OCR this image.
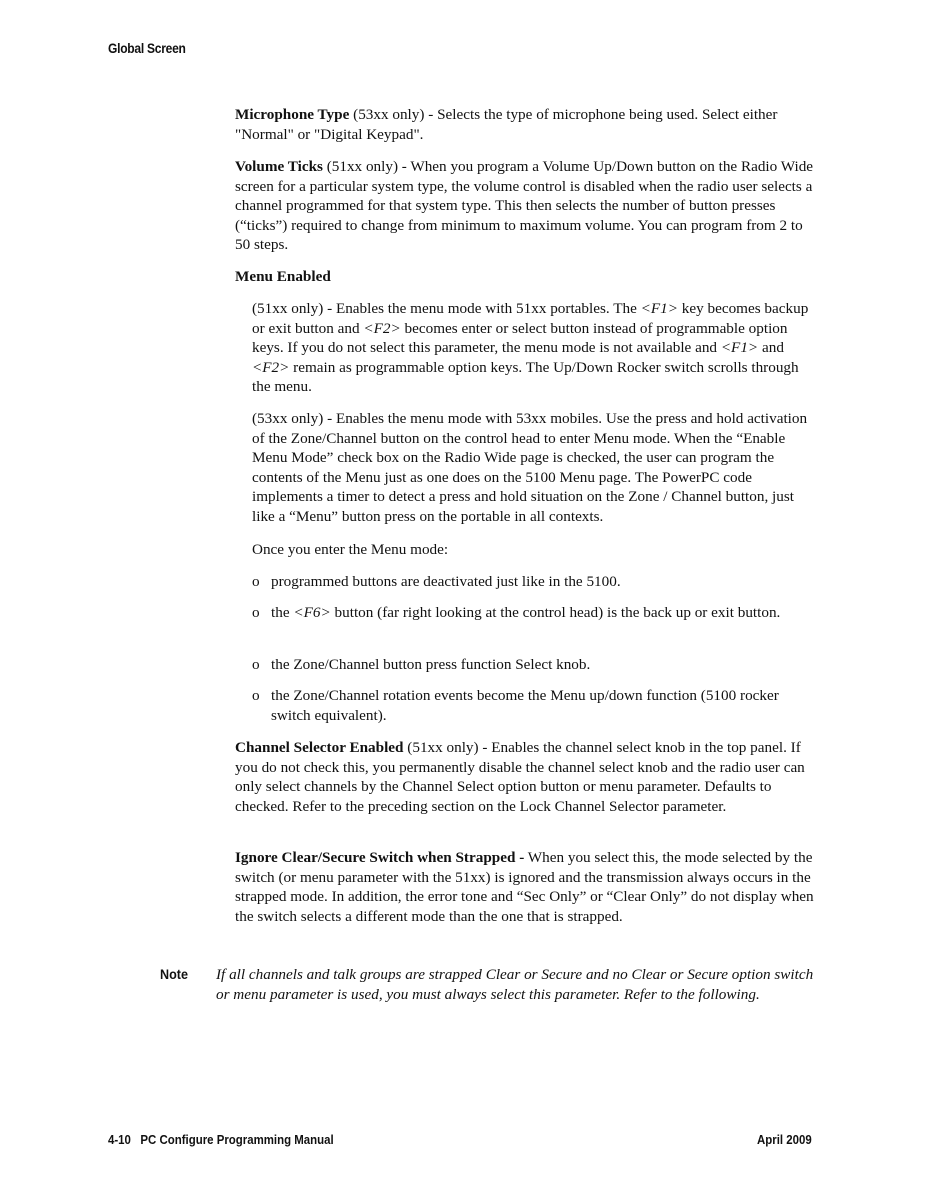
Global Screen

Microphone Type (53xx only) - Selects the type of microphone being used. Select either "Normal" or "Digital Keypad".

Volume Ticks (51xx only) - When you program a Volume Up/Down button on the Radio Wide screen for a particular system type, the volume control is disabled when the radio user selects a channel programmed for that system type. This then selects the number of button presses (“ticks”) required to change from minimum to maximum volume. You can program from 2 to 50 steps.

Menu Enabled

(51xx only) - Enables the menu mode with 51xx portables. The <F1> key becomes backup or exit button and <F2> becomes enter or select button instead of programmable option keys. If you do not select this parameter, the menu mode is not available and <F1> and <F2> remain as programmable option keys. The Up/Down Rocker switch scrolls through the menu.

(53xx only) - Enables the menu mode with 53xx mobiles. Use the press and hold activation of the Zone/Channel button on the control head to enter Menu mode. When the “Enable Menu Mode” check box on the Radio Wide page is checked, the user can program the contents of the Menu just as one does on the 5100 Menu page. The PowerPC code implements a timer to detect a press and hold situation on the Zone / Channel button, just like a “Menu” button press on the portable in all contexts.

Once you enter the Menu mode:

o programmed buttons are deactivated just like in the 5100.
o the <F6> button (far right looking at the control head) is the back up or exit button.
o the Zone/Channel button press function Select knob.
o the Zone/Channel rotation events become the Menu up/down function (5100 rocker switch equivalent).

Channel Selector Enabled (51xx only) - Enables the channel select knob in the top panel. If you do not check this, you permanently disable the channel select knob and the radio user can only select channels by the Channel Select option button or menu parameter. Defaults to checked. Refer to the preceding section on the Lock Channel Selector parameter.

Ignore Clear/Secure Switch when Strapped - When you select this, the mode selected by the switch (or menu parameter with the 51xx) is ignored and the transmission always occurs in the strapped mode. In addition, the error tone and “Sec Only” or “Clear Only” do not display when the switch selects a different mode than the one that is strapped.

Note If all channels and talk groups are strapped Clear or Secure and no Clear or Secure option switch or menu parameter is used, you must always select this parameter. Refer to the following.
4-10   PC Configure Programming Manual	April 2009
